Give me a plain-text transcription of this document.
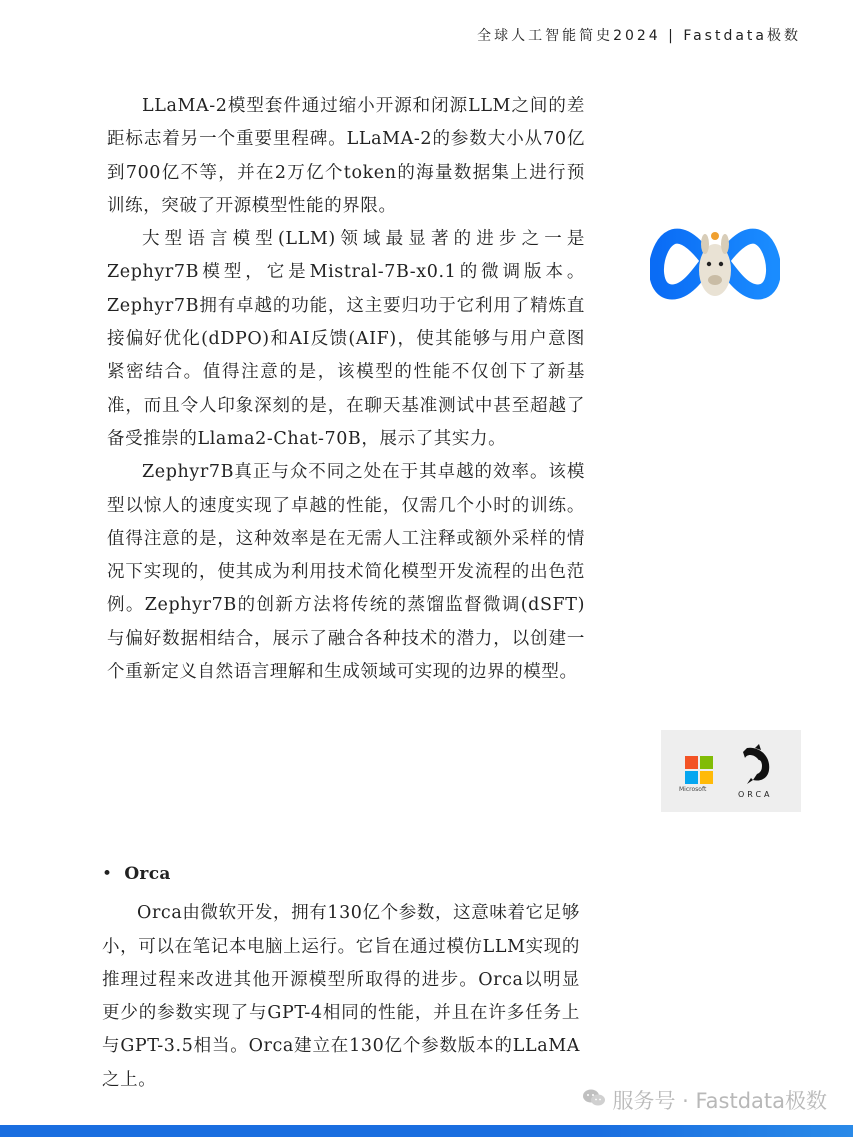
全球人工智能简史2024 | Fastdata极数

LLaMA-2模型套件通过缩小开源和闭源LLM之间的差距标志着另一个重要里程碑。LLaMA-2的参数大小从70亿到700亿不等，并在2万亿个token的海量数据集上进行预训练，突破了开源模型性能的界限。

大型语言模型(LLM)领域最显著的进步之一是Zephyr7B模型，它是Mistral-7B-x0.1的微调版本。Zephyr7B拥有卓越的功能，这主要归功于它利用了精炼直接偏好优化(dDPO)和AI反馈(AIF)，使其能够与用户意图紧密结合。值得注意的是，该模型的性能不仅创下了新基准，而且令人印象深刻的是，在聊天基准测试中甚至超越了备受推崇的Llama2-Chat-70B，展示了其实力。

Zephyr7B真正与众不同之处在于其卓越的效率。该模型以惊人的速度实现了卓越的性能，仅需几个小时的训练。值得注意的是，这种效率是在无需人工注释或额外采样的情况下实现的，使其成为利用技术简化模型开发流程的出色范例。Zephyr7B的创新方法将传统的蒸馏监督微调(dSFT)与偏好数据相结合，展示了融合各种技术的潜力，以创建一个重新定义自然语言理解和生成领域可实现的边界的模型。

Microsoft
ORCA

• Orca

Orca由微软开发，拥有130亿个参数，这意味着它足够小，可以在笔记本电脑上运行。它旨在通过模仿LLM实现的推理过程来改进其他开源模型所取得的进步。Orca以明显更少的参数实现了与GPT-4相同的性能，并且在许多任务上与GPT-3.5相当。Orca建立在130亿个参数版本的LLaMA之上。

服务号 · Fastdata极数
